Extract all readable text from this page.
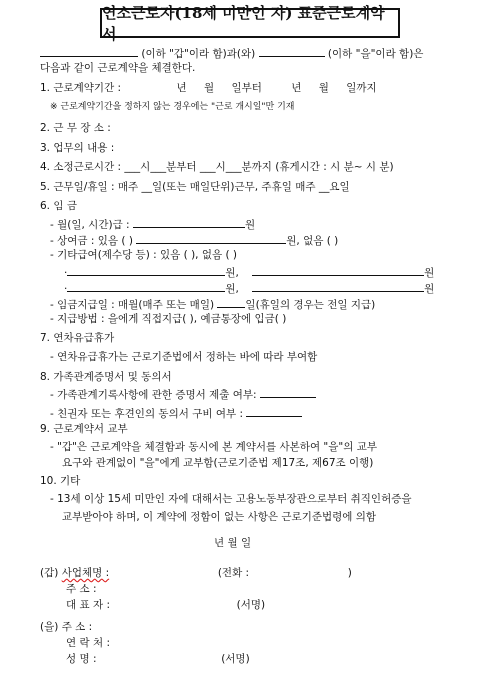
연소근로자(18세 미만인 자) 표준근로계약서
(이하 "갑"이라 함)과(와)	(이하 "을"이라 함)은
다음과 같이 근로계약을 체결한다.
1. 근로계약기간 :	년 월 일부터	년 월 일까지
※ 근로계약기간을 정하지 않는 경우에는 "근로 개시일"만 기재
2. 근 무 장 소 :
3. 업무의 내용 :
4. 소정근로시간 : ___시___분부터 ___시___분까지 (휴게시간 : 시 분~ 시 분)
5. 근무일/휴일 : 매주 __일(또는 매일단위)근무, 주휴일 매주 __요일
6. 임 금
- 월(일, 시간)급 :	원
- 상여금 : 있음 ( )	원, 없음 ( )
- 기타급여(제수당 등) : 있음 ( ), 없음 ( )
·	원,	원
·	원,	원
- 임금지급일 : 매월(매주 또는 매일)	일(휴일의 경우는 전일 지급)
- 지급방법 : 을에게 직접지급( ), 예금통장에 입금( )
7. 연차유급휴가
- 연차유급휴가는 근로기준법에서 정하는 바에 따라 부여함
8. 가족관계증명서 및 동의서
- 가족관계기록사항에 관한 증명서 제출 여부:
- 친권자 또는 후견인의 동의서 구비 여부 :
9. 근로계약서 교부
- "갑"은 근로계약을 체결함과 동시에 본 계약서를 사본하여 "을"의 교부
요구와 관계없이 "을"에게 교부함(근로기준법 제17조, 제67조 이행)
10. 기타
- 13세 이상 15세 미만인 자에 대해서는 고용노동부장관으로부터 취직인허증을
교부받아야 하며, 이 계약에 정함이 없는 사항은 근로기준법령에 의함
년 월 일
(갑) 사업체명 :	(전화 :	)
주 소 :
대 표 자 :	(서명)
(을) 주 소 :
연 락 처 :
성 명 :	(서명)
